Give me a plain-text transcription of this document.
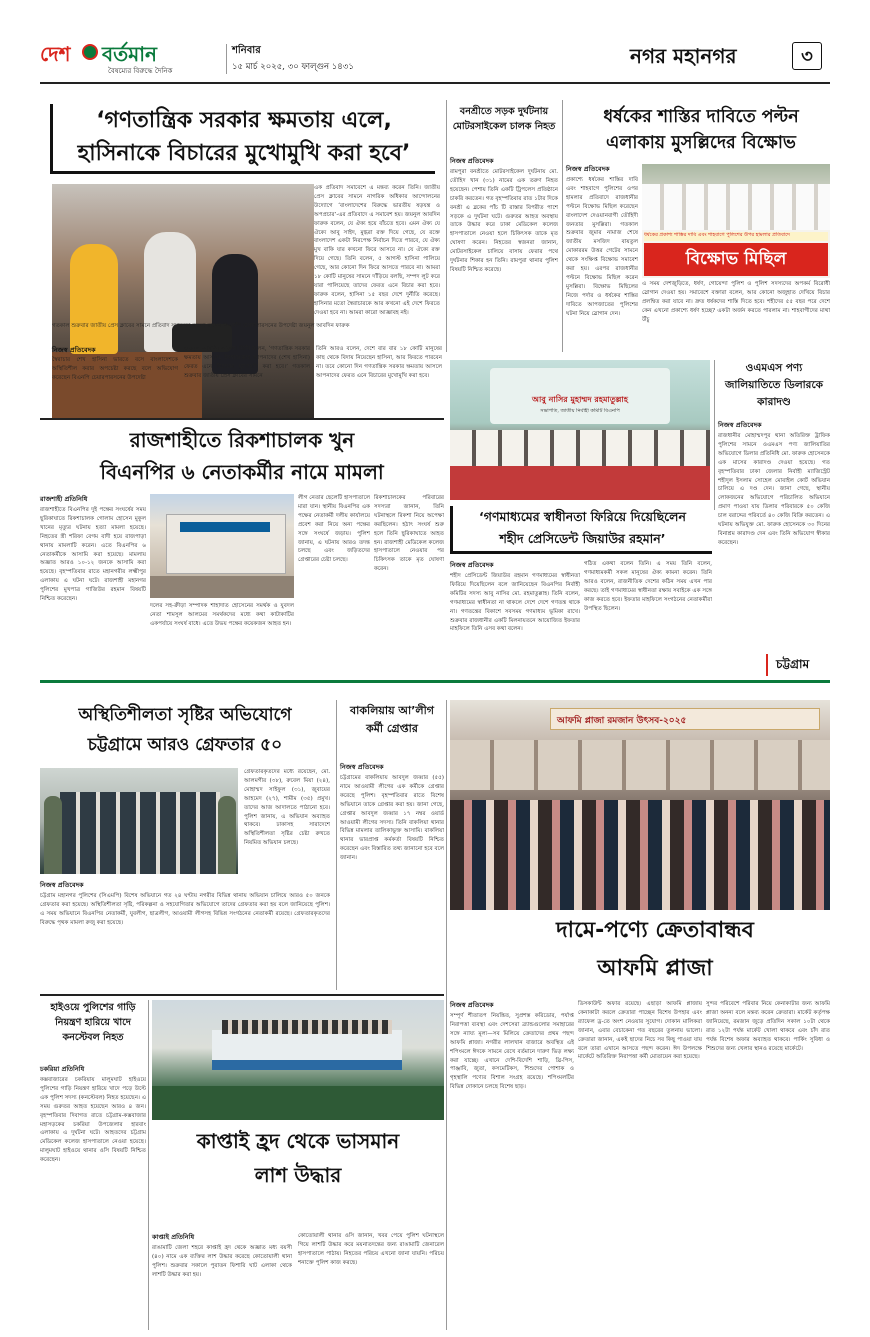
দেশ বর্তমান
বৈষম্যের বিরুদ্ধে দৈনিক
শনিবার
১৫ মার্চ ২০২৫, ৩০ ফাল্গুন ১৪৩১	নগর মহানগর	৩
‘গণতান্ত্রিক সরকার ক্ষমতায় এলে,
হাসিনাকে বিচারের মুখোমুখি করা হবে’
এক প্রতিবাদ সমাবেশে এ মন্তব্য করেন তিনি। জাতীয় প্রেস ক্লাবের সামনে নাগরিক অধিকার আন্দোলনের উদ্যোগে ‘বাংলাদেশের বিরুদ্ধে ভারতীয় ষড়যন্ত্র ও অপপ্রচার’-এর প্রতিবাদে এ সমাবেশ হয়। জয়নুল আবদিন ফারুক বলেন, যে ঐক্য হয়ে বাঁচতে হবে। এমন ঐক্য যে ঐক্যে আবু সাইদ, মুগ্ধরা রক্ত দিয়ে গেছে, যে রক্তে বাংলাদেশ একটা নিরপেক্ষ নির্বাচন দিতে পারবে, যে ঐক্য মুখ বাকি যার কখনো ফিরে আসবে না। যে ঐক্যে রক্ত দিয়ে গেছে। তিনি বলেন, ৫ আগস্ট হাসিনা পালিয়ে গেছে, আর কোনো দিন ফিরে আসতে পারবে না। আমরা ১৮ কোটি মানুষের সামনে দাঁড়িয়ে বলছি, সম্পদ লুট করে যারা পালিয়েছে তাদের ফেরত এনে বিচার করা হবে। ফারুক বলেন, হাসিনা ১৫ বছর দেশে দুর্নীতি করেছে। হাসিনার মতো স্বৈরাচারকে আর কখনো এই দেশে ফিরতে দেওয়া হবে না। আমরা কারো আজ্ঞাবহ নই।
গতকাল শুক্রবার জাতীয় প্রেস ক্লাবের সামনে প্রতিবাদ সমাবেশে বক্তব্য রাখেন বিএনপি চেয়ারপারসনের উপদেষ্টা জয়নুল আবদিন ফারুক
নিজস্ব প্রতিবেদক
স্বৈরাচার শেখ হাসিনা ভারতে বসে বাংলাদেশকে অস্থিতিশীল করার অপচেষ্টা করছে বলে অভিযোগ করেছেন বিএনপি চেয়ারপারসনের উপদেষ্টা
জয়নুল আবদিন ফারুক। তিনি বলেন, ‘গণতান্ত্রিক সরকার ক্ষমতায় আসলে, ইনশাআল্লাহ আপনাদের (শেখ হাসিনা) ফেরত এনে বিচারের মুখোমুখি করা হবে।’ গতকাল শুক্রবার জাতীয় প্রেস ক্লাবের সামনে
তিনি আরও বলেন, দেশে বার বার ১৮ কোটি মানুষের কাছ থেকে বিদায় নিয়েছেন হাসিনা, আর ফিরতে পারবেন না। তবে কোনো দিন গণতান্ত্রিক সরকার ক্ষমতায় আসলে আপনাদের ফেরত এনে বিচারের মুখোমুখি করা হবে।
বনশ্রীতে সড়ক দুর্ঘটনায় মোটরসাইকেল চালক নিহত
নিজস্ব প্রতিবেদক
রামপুরা বনশ্রীতে মোটরসাইকেল দুর্ঘটনায় মো. তৌহিদ খান (৩১) নামের এক তরুণ নিহত হয়েছেন। পেশায় তিনি একটি ট্রিপলেস প্রতিষ্ঠানে চাকরি করতেন। গত বৃহস্পতিবার রাত ১টার দিকে বনশ্রী এ ব্লকের পাঁচ টি রাস্তার বিপরীত পাশে সড়কে এ দুর্ঘটনা ঘটে। গুরুতর আহত অবস্থায় তাকে উদ্ধার করে ঢাকা মেডিকেল কলেজ হাসপাতালে নেওয়া হলে চিকিৎসক তাকে মৃত ঘোষণা করেন। নিহতের স্বজনরা জানান, মোটরসাইকেল চালিয়ে বাসায় ফেরার পথে দুর্ঘটনার শিকার হন তিনি। রামপুরা থানার পুলিশ বিষয়টি নিশ্চিত করেছে।
ধর্ষকের শাস্তির দাবিতে পল্টন
এলাকায় মুসল্লিদের বিক্ষোভ
নিজস্ব প্রতিবেদক
প্রকাশ্যে ধর্ষকের শাস্তির দাবি এবং শাহবাগে পুলিশের ওপর হামলার প্রতিবাদে রাজধানীর পল্টনে বিক্ষোভ মিছিল করেছেন বাংলাদেশ দেওয়ানবাগী তৌহিদী জনতার মুসল্লিরা। গতকাল শুক্রবার জুমার নামাজ শেষে জাতীয় মসজিদ বায়তুল মোকাররম উত্তর গেটের সামনে থেকে সংক্ষিপ্ত বিক্ষোভ সমাবেশ করা হয়। এরপর রাজধানীর পল্টনে বিক্ষোভ মিছিল করেন মুসল্লিরা। বিক্ষোভ মিছিলের নিজে পর্দার ও ধর্ষকের শাস্তির দাবিতে আপজাতের পুলিশের ঘটনা নিয়ে স্লোগান দেন।
ধর্ষকের প্রকাশ্য শাস্তির দাবি এবং শাহবাগে পুলিশের উপর হামলার প্রতিবাদে
বিক্ষোভ মিছিল
এ সময় দেশজুড়িতে, ধর্ষণ, গোয়েন্দা পুলিশ ও পুলিশ সদস্যদের অপকর্ম বিরোধী স্লোগান দেওয়া হয়। সমাবেশে বক্তারা বলেন, আর কোনো অজুহাত দেখিয়ে বিচার প্রলম্বিত করা যাবে না। দ্রুত ধর্ষকদের শাস্তি দিতে হবে। শহীদের ৫৫ বছর পরে দেশে কেন এখনো প্রকাশ্যে ধর্ষণ হচ্ছে? একটা অর্জন করতে পারলাম না। শাহবাগীদের মাথা উঁচু
আবু নাসির মুহাম্মদ রহমাতুল্লাহ
সভাপতি, জাতীয় নির্বাহী কমিটি বিএনপি
ওএমএস পণ্য জালিয়াতিতে ডিলারকে কারাদণ্ড
নিজস্ব প্রতিবেদক
রাজধানীর মোহাম্মদপুর থানা অতিরিক্ত ট্রাফিক পুলিশের সামনে ওএমএস পণ্য জালিয়াতির অভিযোগে ডিলার প্রতিনিধি মো. ফারুক হোসেনকে এক মাসের কারাদণ্ড দেওয়া হয়েছে। গত বৃহস্পতিবার ঢাকা জেলার নির্বাহী ম্যাজিস্ট্রেট শহীদুল ইসলাম সোহেল মোবাইল কোর্ট অভিযান চালিয়ে এ দণ্ড দেন। জানা গেছে, স্থানীয় লোকজনের অভিযোগে পরিচালিত অভিযানে প্রমাণ পাওয়া যায় ডিলার পরিবারকে ৫০ কেজি চাল বরাদ্দের পরিবর্তে ৪০ কেজি বিক্রি করতেন। এ ঘটনায় অভিযুক্ত মো. ফারুক হোসেনকে ৩০ দিনের বিনাশ্রম কারাদণ্ড দেন এবং তিনি অভিযোগ স্বীকার করেছেন।
রাজশাহীতে রিকশাচালক খুন
বিএনপির ৬ নেতাকর্মীর নামে মামলা
রাজশাহী প্রতিনিধি
রাজশাহীতে বিএনপির দুই পক্ষের সংঘর্ষের সময় ছুরিকাঘাতে রিকশাচালক গোলাম হোসেন মুকুল খানের মৃত্যুর ঘটনায় হত্যা মামলা হয়েছে। নিহতের স্ত্রী শরিফা বেগম বাদী হয়ে রাজপাড়া থানায় মামলাটি করেন। এতে বিএনপির ৬ নেতাকর্মীকে আসামি করা হয়েছে। মামলায় অজ্ঞাত আরও ১০-১২ জনকে আসামি করা হয়েছে। বৃহস্পতিবার রাতে মহানগরীর লক্ষ্মীপুর এলাকায় এ ঘটনা ঘটে। রাজশাহী মহানগর পুলিশের মুখপাত্র গাজিউর রহমান বিষয়টি নিশ্চিত করেছেন।
দলের সহ-ক্রীড়া সম্পাদক শাহাদাত হোসেনের সমর্থক ও যুবদল নেতা শামসুল আলমের সমর্থকদের মধ্যে কথা কাটাকাটির একপর্যায়ে সংঘর্ষ বাধে। এতে উভয় পক্ষের কয়েকজন আহত হন।
লীগ নেতার ছেলেটি হাসপাতালে মারা যান। স্থানীয় বিএনপির এক পক্ষের নেতাকর্মী দলীয় কার্যালয়ে প্রবেশ করা নিয়ে অন্য পক্ষের সঙ্গে সংঘর্ষে জড়ায়। পুলিশ জানায়, এ ঘটনায় আরও তদন্ত চলছে এবং জড়িতদের গ্রেপ্তারের চেষ্টা চলছে।
রিকশাচালকের পরিবারের সদস্যরা জানান, তিনি ঘটনাস্থলে রিকশা নিয়ে অপেক্ষা করছিলেন। হঠাৎ সংঘর্ষ শুরু হলে তিনি ছুরিকাঘাতে আহত হন। রাজশাহী মেডিকেল কলেজ হাসপাতালে নেওয়ার পর চিকিৎসক তাকে মৃত ঘোষণা করেন।
‘গণমাধ্যমের স্বাধীনতা ফিরিয়ে দিয়েছিলেন
শহীদ প্রেসিডেন্ট জিয়াউর রহমান’
নিজস্ব প্রতিবেদক
শহীদ প্রেসিডেন্ট জিয়াউর রহমান গণমাধ্যমের স্বাধীনতা ফিরিয়ে দিয়েছিলেন বলে জানিয়েছেন বিএনপির নির্বাহী কমিটির সদস্য আবু নাসির মো. রহমাতুল্লাহ। তিনি বলেন, গণমাধ্যমের স্বাধীনতা না থাকলে দেশে দেশে গণতন্ত্র থাকে না। গণতন্ত্রের বিকাশে সবসময় গণমাধ্যম ভূমিকা রাখে। শুক্রবার রাজধানীর একটি মিলনায়তনে আয়োজিত ইফতার মাহফিলে তিনি এসব কথা বলেন।
গঠিত একথা বলেন তিনি। এ সময় তিনি বলেন, গণমাধ্যমকর্মী সকল মানুষের ঐক্য কামনা করেন। তিনি আরও বলেন, রাজনীতিক দেশের কঠিন সময় এখন পার করছে। তাই গণমাধ্যমের স্বাধীনতা রক্ষায় সবাইকে এক সঙ্গে কাজ করতে হবে। ইফতার মাহফিলে সংগঠনের নেতাকর্মীরা উপস্থিত ছিলেন।
চট্টগ্রাম
অস্থিতিশীলতা সৃষ্টির অভিযোগে
চট্টগ্রামে আরও গ্রেফতার ৫০
গ্রেফতারকৃতদের মধ্যে রয়েছেন, মো. আলমগীর (৩৮), রুবেল মিয়া (২৪), মোহাম্মদ সাইফুল (৩১), জুবায়ের আহমেদ (২৭), শামীম (৩৫) প্রমুখ। তাদের আজ আদালতে পাঠানো হবে। পুলিশ জানায়, এ অভিযান অব্যাহত থাকবে। ঢাকাসহ সারাদেশে অস্থিতিশীলতা সৃষ্টির চেষ্টা রুখতে নিয়মিত অভিযান চলছে।
নিজস্ব প্রতিবেদক
চট্টগ্রাম মহানগর পুলিশের (সিএমপি) বিশেষ অভিযানে গত ২৪ ঘণ্টায় নগরীর বিভিন্ন থানায় অভিযান চালিয়ে আরও ৫০ জনকে গ্রেফতার করা হয়েছে। অস্থিতিশীলতা সৃষ্টি, পরিকল্পনা ও সহযোগিতার অভিযোগে তাদের গ্রেফতার করা হয় বলে জানিয়েছে পুলিশ। এ সময় অভিযানে বিএনপির নেতাকর্মী, যুবলীগ, ছাত্রলীগ, আওয়ামী লীগসহ বিভিন্ন সংগঠনের নেতাকর্মী রয়েছে। গ্রেফতারকৃতদের বিরুদ্ধে পৃথক মামলা রুজু করা হয়েছে।
বাকলিয়ায় আ’লীগ কর্মী গ্রেপ্তার
নিজস্ব প্রতিবেদক
চট্টগ্রামের বাকলিয়ায় আবদুল জব্বার (৫৫) নামে আওয়ামী লীগের এক কর্মীকে গ্রেপ্তার করেছে পুলিশ। বৃহস্পতিবার রাতে বিশেষ অভিযানে তাকে গ্রেপ্তার করা হয়। জানা গেছে, গ্রেপ্তার আবদুল জব্বার ১৭ নম্বর ওয়ার্ড আওয়ামী লীগের সদস্য। তিনি বাকলিয়া থানার বিভিন্ন মামলার তালিকাভুক্ত আসামি। বাকলিয়া থানার ভারপ্রাপ্ত কর্মকর্তা বিষয়টি নিশ্চিত করেছেন এবং বিস্তারিত তথ্য জানানো হবে বলে জানান।
আফমি প্লাজা রমজান উৎসব-২০২৫
দামে-পণ্যে ক্রেতাবান্ধব
আফমি প্লাজা
নিজস্ব প্রতিবেদক
সম্পূর্ণ শীতাতপ নিয়ন্ত্রিত, সুপ্রশস্ত করিডোর, পর্যাপ্ত নিরাপত্তা ব্যবস্থা এবং দেশসেরা ব্র্যান্ডগুলোর সমাহারের সঙ্গে ন্যায্য মূল্য—সব মিলিয়ে ক্রেতাদের প্রথম পছন্দ আফমি প্লাজা। নগরীর লালখান বাজারে অবস্থিত এই শপিংমলে ঈদকে সামনে রেখে বর্তমানে দারুণ ভিড় লক্ষ্য করা যাচ্ছে। এখানে দেশি-বিদেশি শাড়ি, থ্রি-পিস, পাঞ্জাবি, জুতা, কসমেটিকস, শিশুদের পোশাক ও গৃহস্থালি পণ্যের বিশাল সংগ্রহ রয়েছে। শপিংমলটির বিভিন্ন দোকানে চলছে বিশেষ ছাড়।
ডিসকাউন্ট অফার রয়েছে। এছাড়া আফমি প্লাজায় কেনাকাটা করলে ক্রেতারা পাচ্ছেন বিশেষ উপহার এবং র‍্যাফেল ড্র-তে অংশ নেওয়ার সুযোগ। দোকান মালিকরা জানান, এবার বেচাকেনা গত বছরের তুলনায় ভালো। ক্রেতারা জানান, একই ছাদের নিচে সব কিছু পাওয়া যায় বলে তারা এখানে আসতে পছন্দ করেন। ঈদ উপলক্ষে মার্কেটে অতিরিক্ত নিরাপত্তা কর্মী মোতায়েন করা হয়েছে।
সুন্দর পরিবেশে পরিবার নিয়ে কেনাকাটার জন্য আফমি প্লাজা অনন্য বলে মন্তব্য করেন ক্রেতারা। মার্কেট কর্তৃপক্ষ জানিয়েছে, রমজান জুড়ে প্রতিদিন সকাল ১০টা থেকে রাত ১২টা পর্যন্ত মার্কেট খোলা থাকবে এবং চাঁদ রাত পর্যন্ত বিশেষ অফার অব্যাহত থাকবে। পার্কিং সুবিধা ও শিশুদের জন্য খেলার স্থানও রয়েছে মার্কেটে।
হাইওয়ে পুলিশের গাড়ি নিয়ন্ত্রণ হারিয়ে খাদে কনস্টেবল নিহত
চকরিয়া প্রতিনিধি
কক্সবাজারের চকরিয়ায় মালুমঘাট হাইওয়ে পুলিশের গাড়ি নিয়ন্ত্রণ হারিয়ে খাদে পড়ে উল্টে এক পুলিশ সদস্য (কনস্টেবল) নিহত হয়েছেন। এ সময় গুরুতর আহত হয়েছেন আরও ৪ জন। বৃহস্পতিবার দিবাগত রাতে চট্টগ্রাম-কক্সবাজার মহাসড়কের চকরিয়া উপজেলার হারবাং এলাকায় এ দুর্ঘটনা ঘটে। আহতদের চট্টগ্রাম মেডিকেল কলেজ হাসপাতালে নেওয়া হয়েছে। মালুমঘাট হাইওয়ে থানার ওসি বিষয়টি নিশ্চিত করেছেন।
কাপ্তাই হ্রদ থেকে ভাসমান
লাশ উদ্ধার
কাপ্তাই প্রতিনিধি
রাঙামাটি জেলা শহরে কাপ্তাই হ্রদ থেকে অজ্ঞাত মধ্য বয়সী (৪০) নামে এক ব্যক্তির লাশ উদ্ধার করেছে কোতোয়ালী থানা পুলিশ। শুক্রবার সকালে পুরাতন ফিশারি ঘাট এলাকা থেকে লাশটি উদ্ধার করা হয়।
কোতোয়ালী থানার ওসি জানান, খবর পেয়ে পুলিশ ঘটনাস্থলে গিয়ে লাশটি উদ্ধার করে ময়নাতদন্তের জন্য রাঙামাটি জেনারেল হাসপাতালে পাঠায়। নিহতের পরিচয় এখনো জানা যায়নি। পরিচয় শনাক্তে পুলিশ কাজ করছে।
